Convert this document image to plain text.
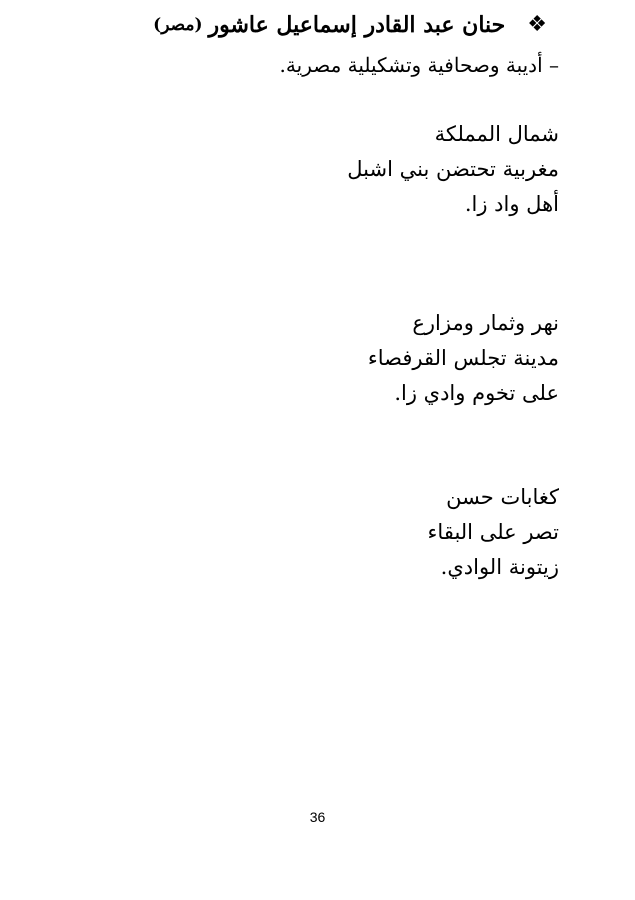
❖
حنان عبد القادر إسماعيل عاشور
(مصر)
– أديبة وصحافية وتشكيلية مصرية.
شمال المملكة
مغربية تحتضن بني اشبل
أهل واد زا.
نهر وثمار ومزارع
مدينة تجلس القرفصاء
على تخوم وادي زا.
كغابات حسن
تصر على البقاء
زيتونة الوادي.
36
